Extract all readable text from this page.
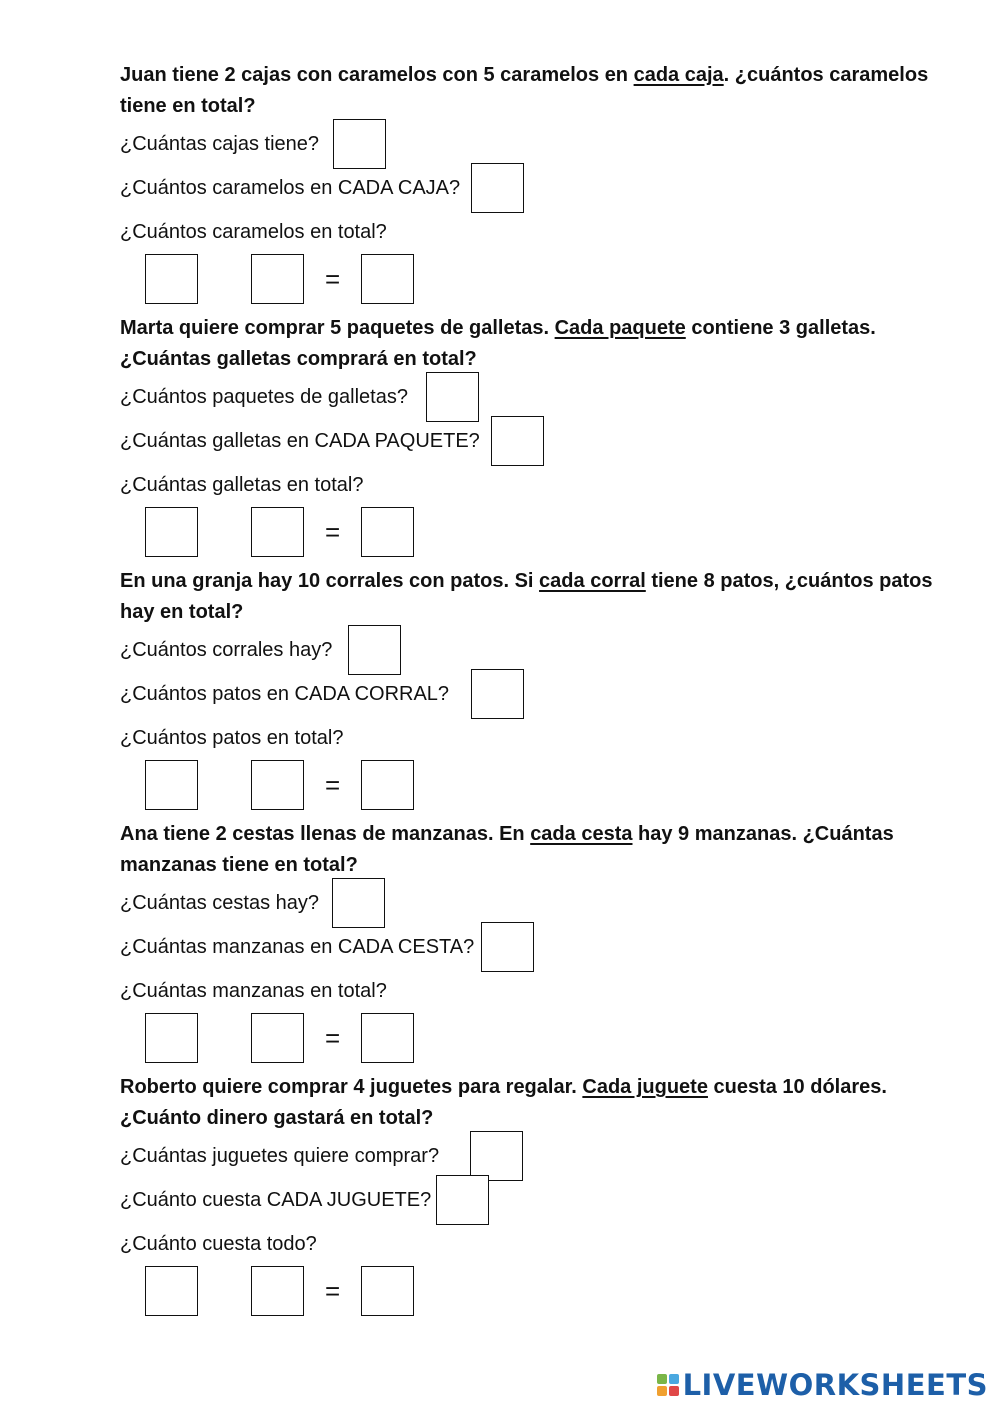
Juan tiene 2 cajas con caramelos con 5 caramelos en cada caja. ¿cuántos caramelos tiene en total?

¿Cuántas cajas tiene?
¿Cuántos caramelos en CADA CAJA?
¿Cuántos caramelos en total?
=

Marta quiere comprar 5 paquetes de galletas. Cada paquete contiene 3 galletas. ¿Cuántas galletas comprará en total?

¿Cuántos paquetes de galletas?
¿Cuántas galletas en CADA PAQUETE?
¿Cuántas galletas en total?
=

En una granja hay 10 corrales con patos. Si cada corral tiene 8 patos, ¿cuántos patos hay en total?

¿Cuántos corrales hay?
¿Cuántos patos en CADA CORRAL?
¿Cuántos patos en total?
=

Ana tiene 2 cestas llenas de manzanas. En cada cesta hay 9 manzanas. ¿Cuántas manzanas tiene en total?

¿Cuántas cestas hay?
¿Cuántas manzanas en CADA CESTA?
¿Cuántas manzanas en total?
=

Roberto quiere comprar 4 juguetes para regalar. Cada juguete cuesta 10 dólares. ¿Cuánto dinero gastará en total?

¿Cuántas juguetes quiere comprar?
¿Cuánto cuesta CADA JUGUETE?
¿Cuánto cuesta todo?
=
LIVEWORKSHEETS
